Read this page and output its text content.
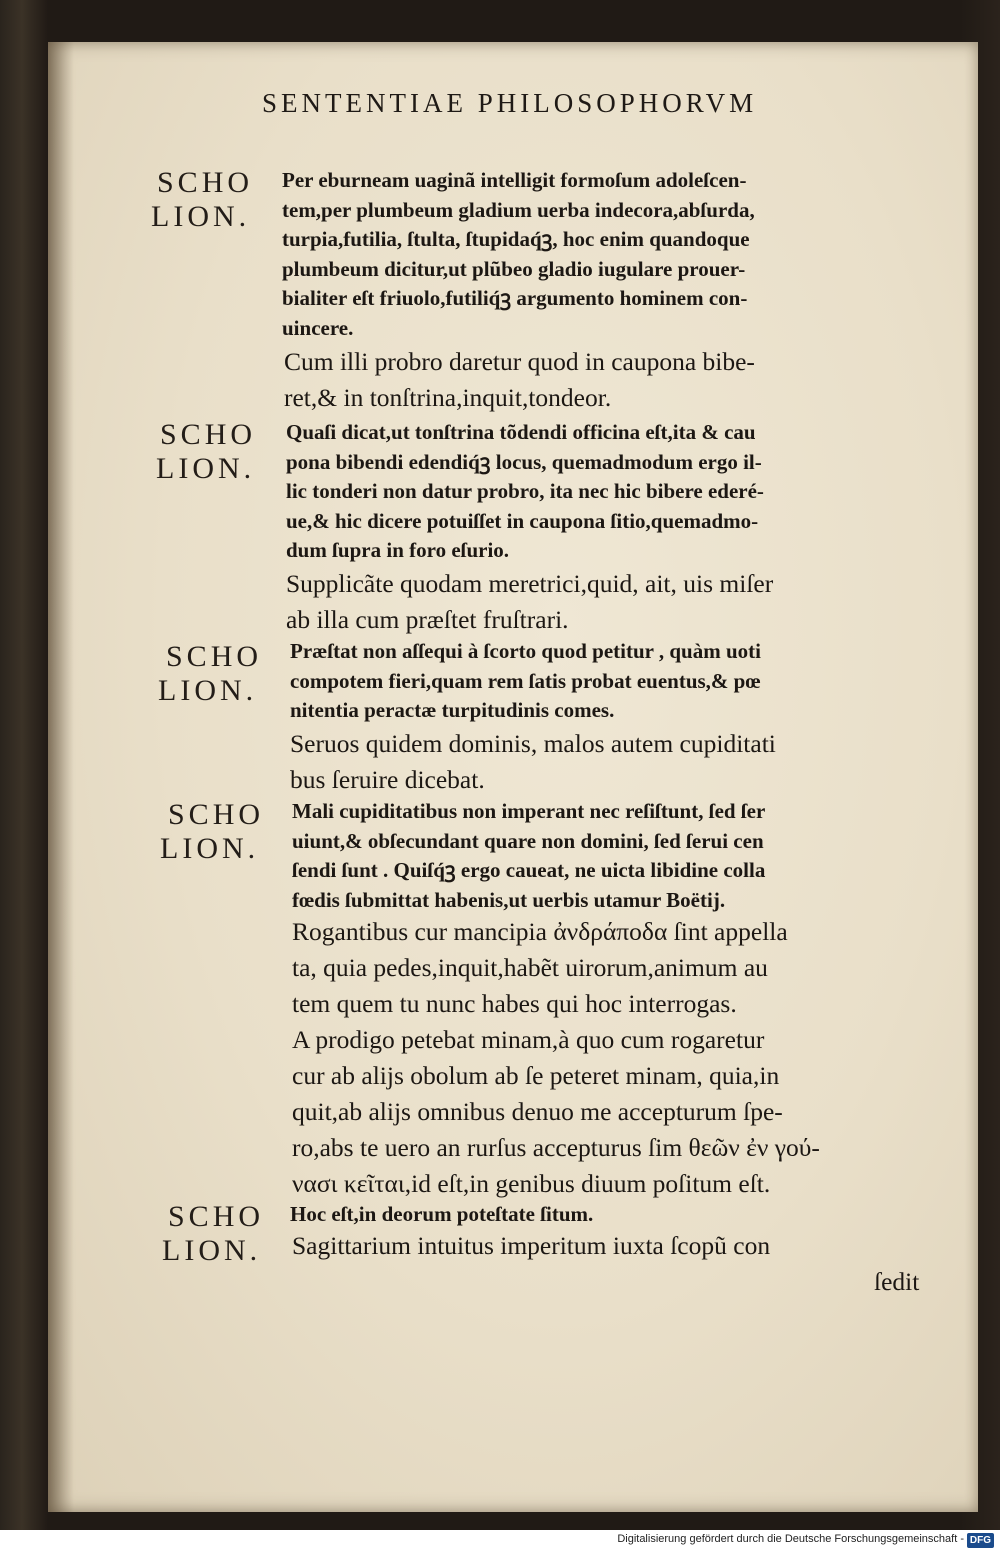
SENTENTIAE PHILOSOPHORVM
SCHO
LION.
SCHO
LION.
SCHO
LION.
SCHO
LION.
SCHO
LION.
Per eburneam uaginã intelligit formoſum adoleſcen-
tem,per plumbeum gladium uerba indecora,abſurda,
turpia,futilia, ſtulta, ſtupidaq́ꝫ, hoc enim quandoque
plumbeum dicitur,ut plũbeo gladio iugulare prouer-
bialiter eſt friuolo,futiliq́ꝫ argumento hominem con-
uincere.
Cum illi probro daretur quod in caupona bibe-
ret,& in tonſtrina,inquit,tondeor.
Quaſi dicat,ut tonſtrina tõdendi officina eſt,ita & cau
pona bibendi edendiq́ꝫ locus, quemadmodum ergo il-
lic tonderi non datur probro, ita nec hic bibere ederé-
ue,& hic dicere potuiſſet in caupona ſitio,quemadmo-
dum ſupra in foro eſurio.
Supplicãte quodam meretrici,quid, ait, uis miſer
ab illa cum præſtet fruſtrari.
Præſtat non aſſequi à ſcorto quod petitur , quàm uoti
compotem fieri,quam rem ſatis probat euentus,& pœ
nitentia peractæ turpitudinis comes.
Seruos quidem dominis, malos autem cupiditati
bus ſeruire dicebat.
Mali cupiditatibus non imperant nec reſiſtunt, ſed ſer
uiunt,& obſecundant quare non domini, ſed ſerui cen
ſendi ſunt . Quiſq́ꝫ ergo caueat, ne uicta libidine colla
fœdis ſubmittat habenis,ut uerbis utamur Boëtij.
Rogantibus cur mancipia ἀνδράποδα ſint appella
ta, quia pedes,inquit,habẽt uirorum,animum au
tem quem tu nunc habes qui hoc interrogas.
A prodigo petebat minam,à quo cum rogaretur
cur ab alijs obolum ab ſe peteret minam, quia,in
quit,ab alijs omnibus denuo me accepturum ſpe-
ro,abs te uero an rurſus accepturus ſim θεῶν ἐν γού-
νασι κεῖται,id eſt,in genibus diuum poſitum eſt.
Hoc eſt,in deorum poteſtate ſitum.
Sagittarium intuitus imperitum iuxta ſcopũ con
ſedit
Digitalisierung gefördert durch die Deutsche Forschungsgemeinschaft - DFG
